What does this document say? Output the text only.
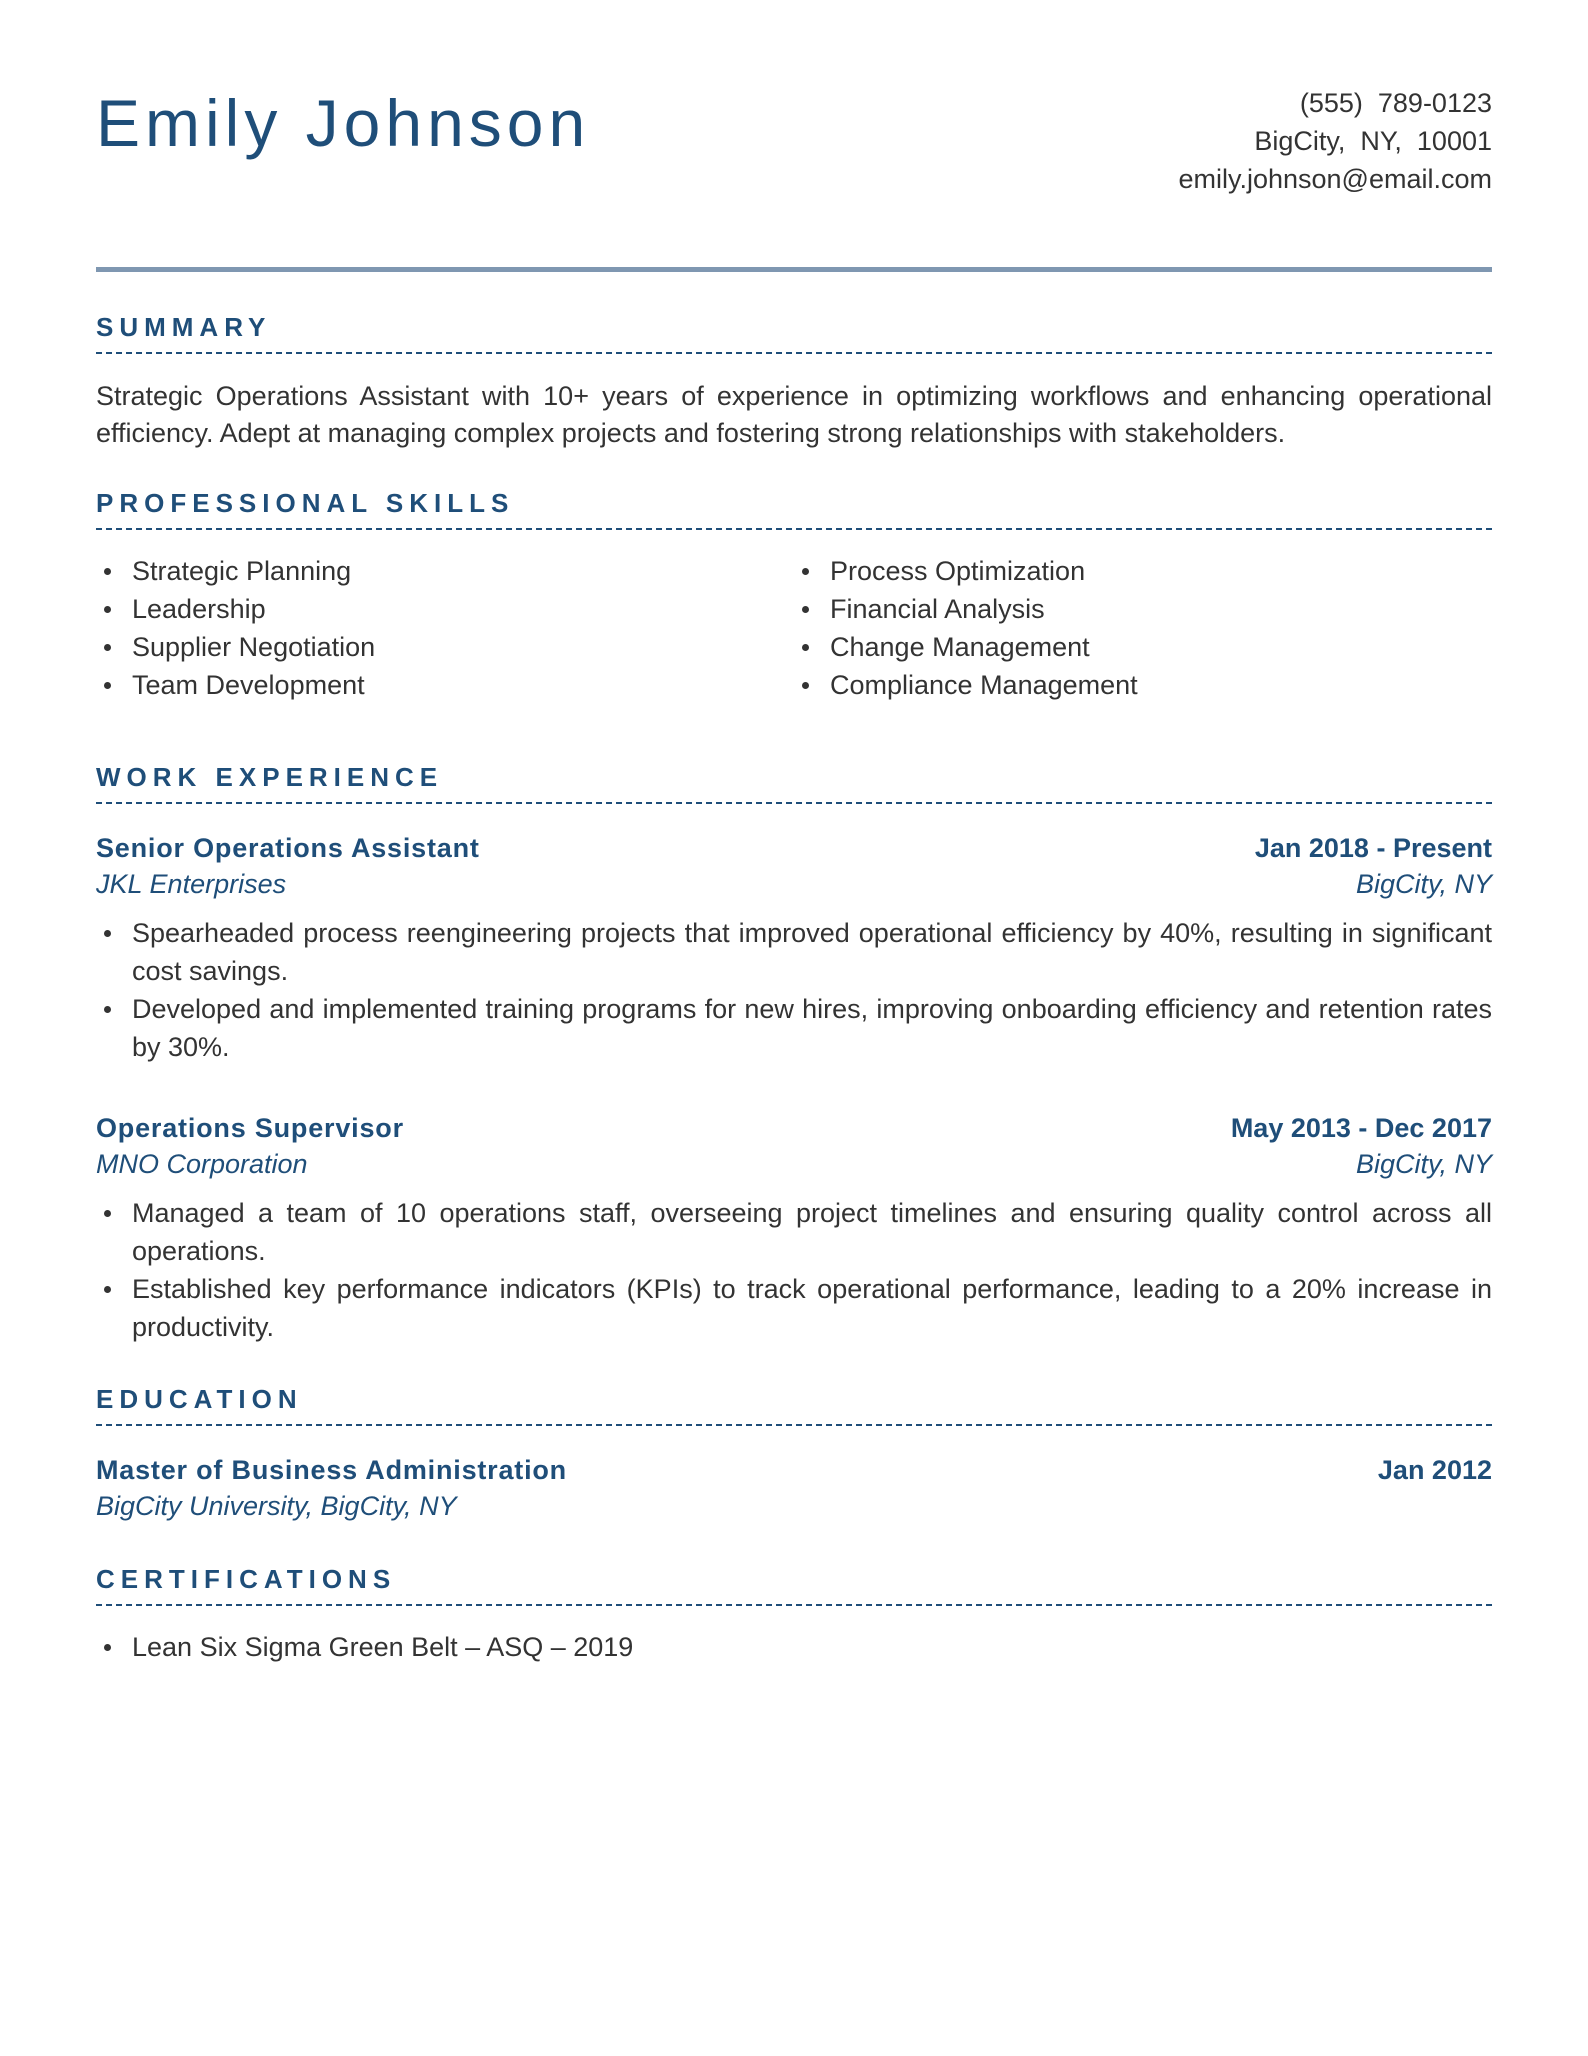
Emily Johnson	(555)  789-0123
BigCity,  NY,  10001
emily.johnson@email.com
SUMMARY

Strategic Operations Assistant with 10+ years of experience in optimizing workflows and enhancing operational efficiency. Adept at managing complex projects and fostering strong relationships with stakeholders.

PROFESSIONAL SKILLS
Strategic Planning
Leadership
Supplier Negotiation
Team Development
Process Optimization
Financial Analysis
Change Management
Compliance Management
WORK EXPERIENCE
Senior Operations Assistant	Jan 2018 - Present
JKL Enterprises	BigCity, NY
Spearheaded process reengineering projects that improved operational efficiency by 40%, resulting in significant cost savings.
Developed and implemented training programs for new hires, improving onboarding efficiency and retention rates by 30%.
Operations Supervisor	May 2013 - Dec 2017
MNO Corporation	BigCity, NY
Managed a team of 10 operations staff, overseeing project timelines and ensuring quality control across all operations.
Established key performance indicators (KPIs) to track operational performance, leading to a 20% increase in productivity.
EDUCATION
Master of Business Administration	Jan 2012
BigCity University, BigCity, NY
CERTIFICATIONS
Lean Six Sigma Green Belt – ASQ – 2019
